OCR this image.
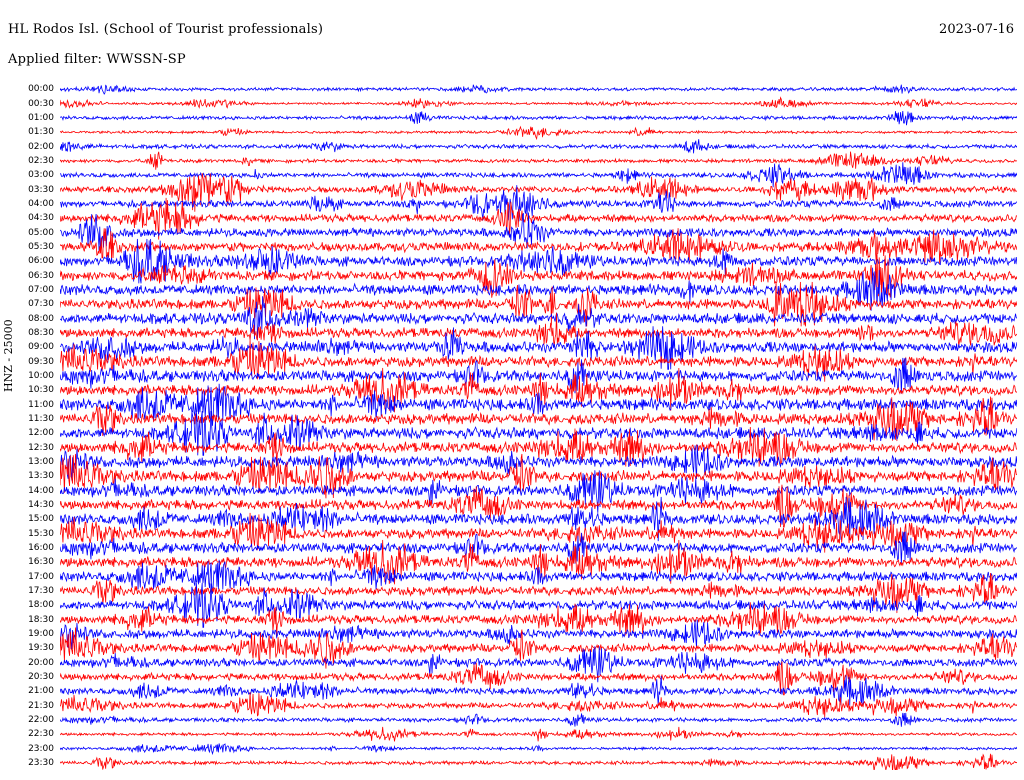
HL Rodos Isl. (School of Tourist professionals)
Applied filter: WWSSN-SP
2023-07-16
HNZ - 25000
00:00
00:30
01:00
01:30
02:00
02:30
03:00
03:30
04:00
04:30
05:00
05:30
06:00
06:30
07:00
07:30
08:00
08:30
09:00
09:30
10:00
10:30
11:00
11:30
12:00
12:30
13:00
13:30
14:00
14:30
15:00
15:30
16:00
16:30
17:00
17:30
18:00
18:30
19:00
19:30
20:00
20:30
21:00
21:30
22:00
22:30
23:00
23:30
